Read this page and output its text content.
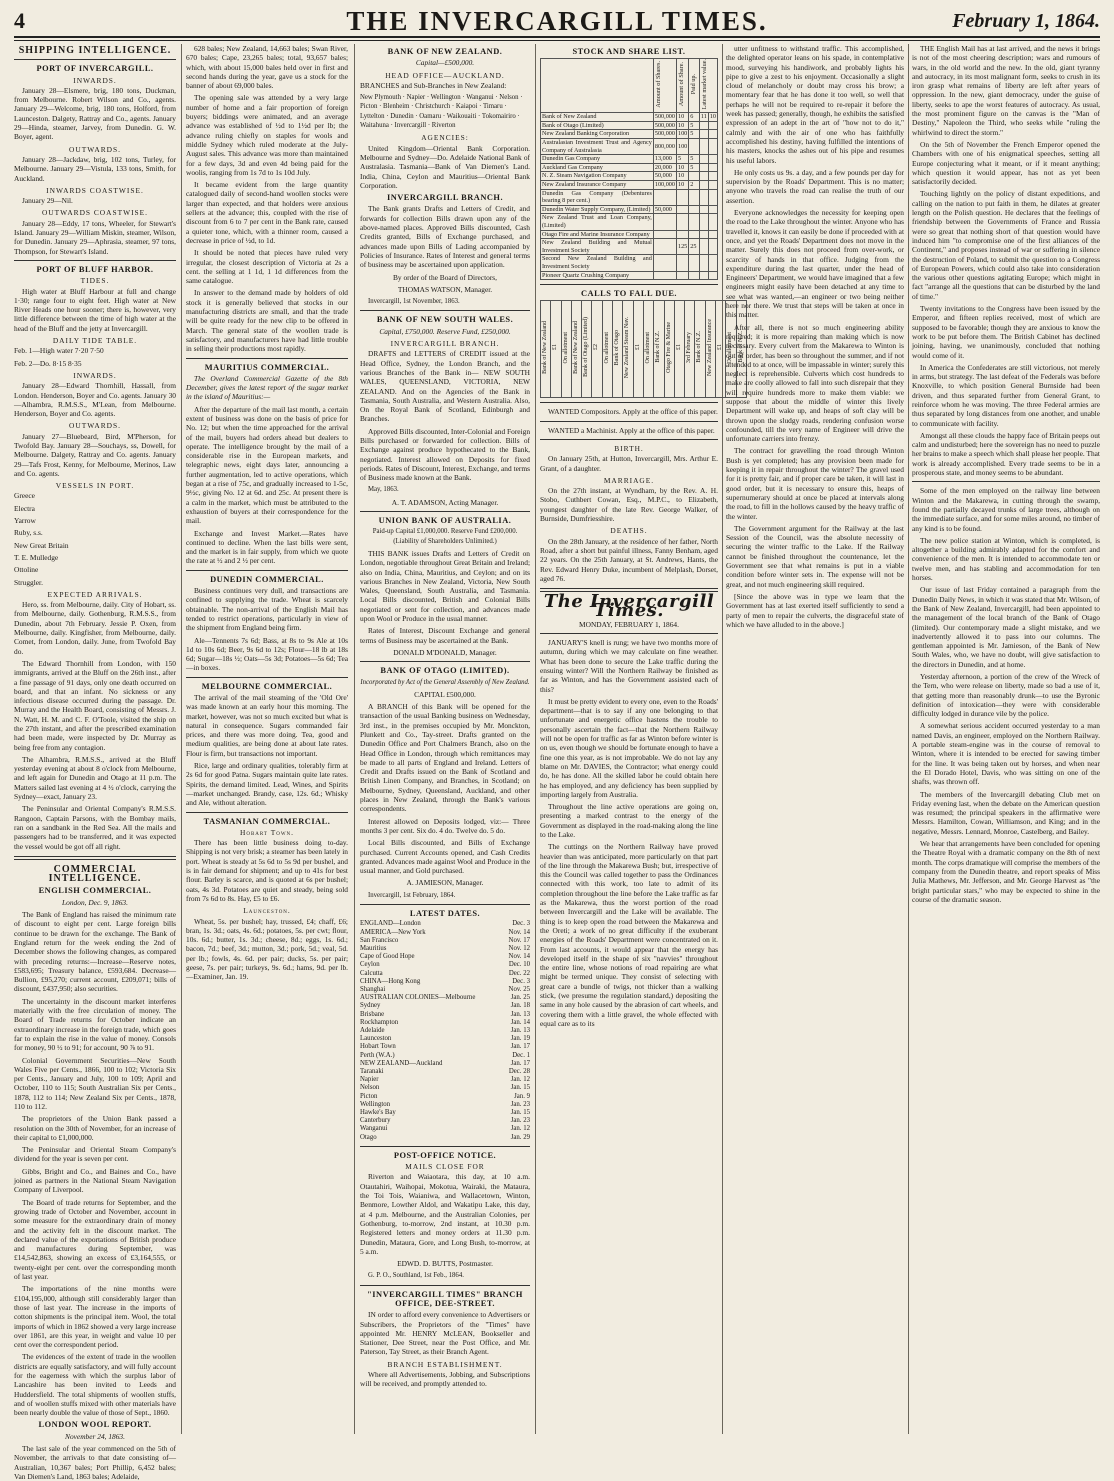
4	THE INVERCARGILL TIMES.	February 1, 1864.
SHIPPING INTELLIGENCE.
PORT OF INVERCARGILL.
INWARDS.

January 28—Elsmere, brig, 180 tons, Duckman, from Melbourne. Robert Wilson and Co., agents. January 29—Welcome, brig, 180 tons, Holford, from Launceston. Dalgety, Rattray and Co., agents. January 29—Hinda, steamer, Jarvey, from Dunedin. G. W. Boyer, agent.

OUTWARDS.

January 28—Jackdaw, brig, 102 tons, Turley, for Melbourne. January 29—Vistula, 133 tons, Smith, for Auckland.

INWARDS COASTWISE.

January 29—Nil.

OUTWARDS COASTWISE.

January 28—Eddy, 17 tons, Wheeler, for Stewart's Island. January 29—William Miskin, steamer, Wilson, for Dunedin. January 29—Aphrasia, steamer, 97 tons, Thompson, for Stewart's Island.

PORT OF BLUFF HARBOR.
TIDES.

High water at Bluff Harbour at full and change 1·30; range four to eight feet. High water at New River Heads one hour sooner; there is, however, very little difference between the time of high water at the head of the Bluff and the jetty at Invercargill.

DAILY TIDE TABLE.

Feb. 1—High water 7·20 7·50

Feb. 2—Do. 8·15 8·35

INWARDS.

January 28—Edward Thornhill, Hassall, from London. Henderson, Boyer and Co. agents. January 30—Alhambra, R.M.S.S., M'Lean, from Melbourne. Henderson, Boyer and Co. agents.

OUTWARDS.

January 27—Bluebeard, Bird, M'Pherson, for Twofold Bay. January 28—Souchays, ss, Dowell, for Melbourne. Dalgety, Rattray and Co. agents. January 29—Tafs Frost, Kenny, for Melbourne, Merinos, Law and Co. agents.

VESSELS IN PORT.

Greece

Electra

Yarrow

Ruby, s.s.

New Great Britain

T. E. Mulledge

Ottoline

Struggler.

EXPECTED ARRIVALS.

Hero, ss. from Melbourne, daily. City of Hobart, ss. from Melbourne, daily. Gothenburg, R.M.S.S., from Dunedin, about 7th February. Jessie P. Oxen, from Melbourne, daily. Kingfisher, from Melbourne, daily. Comet, from London, daily. June, from Twofold Bay do.

The Edward Thornhill from London, with 150 immigrants, arrived at the Bluff on the 26th inst., after a fine passage of 91 days, only one death occurred on board, and that an infant. No sickness or any infectious disease occurred during the passage. Dr. Murray and the Health Board, consisting of Messrs. J. N. Watt, H. M. and C. F. O'Toole, visited the ship on the 27th instant, and after the prescribed examination had been made, were inspected by Dr. Murray as being free from any contagion.

The Alhambra, R.M.S.S., arrived at the Bluff yesterday evening at about 8 o'clock from Melbourne, and left again for Dunedin and Otago at 11 p.m. The Matters sailed last evening at 4 ½ o'clock, carrying the Sydney—exact, January 23.

The Peninsular and Oriental Company's R.M.S.S. Rangoon, Captain Parsons, with the Bombay mails, ran on a sandbank in the Red Sea. All the mails and passengers had to be transferred, and it was expected the vessel would be got off all right.

COMMERCIAL INTELLIGENCE.
ENGLISH COMMERCIAL.

London, Dec. 9, 1863.

The Bank of England has raised the minimum rate of discount to eight per cent. Large foreign bills continue to be drawn for the exchange. The Bank of England return for the week ending the 2nd of December shows the following changes, as compared with preceding returns:—Increase—Reserve notes, £583,695; Treasury balance, £593,684. Decrease—Bullion, £95,270; current account, £209,071; bills of discount, £437,950; also securities.

The uncertainty in the discount market interferes materially with the free circulation of money. The Board of Trade returns for October indicate an extraordinary increase in the foreign trade, which goes far to explain the rise in the value of money. Consols for money, 90 ½ to 91; for account, 90 ⅞ to 91.

Colonial Government Securities—New South Wales Five per Cents., 1866, 100 to 102; Victoria Six per Cents., January and July, 100 to 109; April and October, 110 to 115; South Australian Six per Cents., 1878, 112 to 114; New Zealand Six per Cents., 1878, 110 to 112.

The proprietors of the Union Bank passed a resolution on the 30th of November, for an increase of their capital to £1,000,000.

The Peninsular and Oriental Steam Company's dividend for the year is seven per cent.

Gibbs, Bright and Co., and Baines and Co., have joined as partners in the National Steam Navigation Company of Liverpool.

The Board of trade returns for September, and the growing trade of October and November, account in some measure for the extraordinary drain of money and the activity felt in the discount market. The declared value of the exportations of British produce and manufactures during September, was £14,542,863, showing an excess of £3,164,555, or twenty-eight per cent. over the corresponding month of last year.

The importations of the nine months were £104,195,000, although still considerably larger than those of last year. The increase in the imports of cotton shipments is the principal item. Wool, the total imports of which in 1862 showed a very large increase over 1861, are this year, in weight and value 10 per cent over the correspondent period.

The evidences of the extent of trade in the woollen districts are equally satisfactory, and will fully account for the eagerness with which the surplus labor of Lancashire has been invited to Leeds and Huddersfield. The total shipments of woollen stuffs, and of woollen stuffs mixed with other materials have been nearly double the value of those of Sept., 1860.

LONDON WOOL REPORT.

November 24, 1863.

The last sale of the year commenced on the 5th of November, the arrivals to that date consisting of—Australian, 10,367 bales; Port Phillip, 6,452 bales; Van Diemen's Land, 1863 bales; Adelaide,

628 bales; New Zealand, 14,663 bales; Swan River, 670 bales; Cape, 23,265 bales; total, 93,657 bales; which, with about 15,000 bales held over in first and second hands during the year, gave us a stock for the banner of about 69,000 bales.

The opening sale was attended by a very large number of home and a fair proportion of foreign buyers; biddings were animated, and an average advance was established of ½d to 1½d per lb; the advance ruling chiefly on staples for wools and middle Sydney which ruled moderate at the July-August sales. This advance was more than maintained for a few days, 3d and even 4d being paid for the woolis, ranging from 1s 7d to 1s 10d July.

It became evident from the large quantity catalogued daily of second-hand woollen stocks were larger than expected, and that holders were anxious sellers at the advance; this, coupled with the rise of discount from 6 to 7 per cent in the Bank rate, caused a quieter tone, which, with a thinner room, caused a decrease in price of ½d, to 1d.

It should be noted that pieces have ruled very irregular, the closest description of Victoria at 2s a cent. the selling at 1 1d, 1 1d differences from the same catalogue.

In answer to the demand made by holders of old stock it is generally believed that stocks in our manufacturing districts are small, and that the trade will be quite ready for the new clip to be offered in March. The general state of the woollen trade is satisfactory, and manufacturers have had little trouble in selling their productions most rapidly.

MAURITIUS COMMERCIAL.

The Overland Commercial Gazette of the 8th December, gives the latest report of the sugar market in the island of Mauritius:—

After the departure of the mail last month, a certain extent of business was done on the basis of price for No. 12; but when the time approached for the arrival of the mail, buyers had orders ahead but dealers to operate. The intelligence brought by the mail of a considerable rise in the European markets, and telegraphic news, eight days later, announcing a further augmentation, led to active operations, which began at a rise of 75c, and gradually increased to 1-5c, 9½c, giving No. 12 at 6d. and 25c. At present there is a calm in the market, which must be attributed to the exhaustion of buyers at their correspondence for the mail.

Exchange and Invest Market.—Rates have continued to decline. When the last bills were sent, and the market is in fair supply, from which we quote the rate at ½ and 2 ½ per cent.

DUNEDIN COMMERCIAL.

Business continues very dull, and transactions are confined to supplying the trade. Wheat is scarcely obtainable. The non-arrival of the English Mail has tended to restrict operations, particularly in view of the shipment from England being firm.

Ale—Tennents 7s 6d; Bass, at 8s to 9s Ale at 10s 1d to 10s 6d; Beer, 9s 6d to 12s; Flour—18 lb at 18s 6d; Sugar—18s ½; Oats—5s 3d; Potatoes—5s 6d; Tea—in boxes.

MELBOURNE COMMERCIAL.

The arrival of the mail steaming of the 'Old Ore' was made known at an early hour this morning. The market, however, was not so much excited but what is natural in consequence. Sugars commanded fair prices, and there was more doing. Tea, good and medium qualities, are being done at about late rates. Flour is firm, but transactions not important.

Rice, large and ordinary qualities, tolerably firm at 2s 6d for good Patna. Sugars maintain quite late rates. Spirits, the demand limited. Lead, Wines, and Spirits—market unchanged. Brandy, case, 12s. 6d.; Whisky and Ale, without alteration.

TASMANIAN COMMERCIAL.
Hobart Town.

There has been little business doing to-day. Shipping is not very brisk; a steamer has been lately in port. Wheat is steady at 5s 6d to 5s 9d per bushel, and is in fair demand for shipment; and up to 41s for best flour. Barley is scarce, and is quoted at 6s per bushel; oats, 4s 3d. Potatoes are quiet and steady, being sold from 7s 6d to 8s. Hay, £5 to £6.

Launceston.

Wheat, 5s. per bushel; hay, trussed, £4; chaff, £6; bran, 1s. 3d.; oats, 4s. 6d.; potatoes, 5s. per cwt; flour, 10s. 6d.; butter, 1s. 3d.; cheese, 8d.; eggs, 1s. 6d.; bacon, 7d.; beef, 3d.; mutton, 3d.; pork, 5d.; veal, 5d. per lb.; fowls, 4s. 6d. per pair; ducks, 5s. per pair; geese, 7s. per pair; turkeys, 9s. 6d.; hams, 9d. per lb.—Examiner, Jan. 19.

BANK OF NEW ZEALAND.

Capital—£500,000.

HEAD OFFICE—AUCKLAND.

BRANCHES and Sub-Branches in New Zealand:

New Plymouth · Napier · Wellington · Wanganui · Nelson · Picton · Blenheim · Christchurch · Kaiapoi · Timaru · Lyttelton · Dunedin · Oamaru · Waikouaiti · Tokomairiro · Waitahuna · Invercargill · Riverton

AGENCIES:

United Kingdom—Oriental Bank Corporation. Melbourne and Sydney—Do. Adelaide National Bank of Australasia. Tasmania—Bank of Van Diemen's Land. India, China, Ceylon and Mauritius—Oriental Bank Corporation.

INVERCARGILL BRANCH.

The Bank grants Drafts and Letters of Credit, and forwards for collection Bills drawn upon any of the above-named places. Approved Bills discounted, Cash Credits granted, Bills of Exchange purchased, and advances made upon Bills of Lading accompanied by Policies of Insurance. Rates of Interest and general terms of business may be ascertained upon application.

By order of the Board of Directors,

THOMAS WATSON, Manager.

Invercargill, 1st November, 1863.

BANK OF NEW SOUTH WALES.

Capital, £750,000. Reserve Fund, £250,000.

INVERCARGILL BRANCH.

DRAFTS and LETTERS of CREDIT issued at the Head Office, Sydney, the London Branch, and the various Branches of the Bank in— NEW SOUTH WALES, QUEENSLAND, VICTORIA, NEW ZEALAND. And on the Agencies of the Bank in Tasmania, South Australia, and Western Australia. Also, On the Royal Bank of Scotland, Edinburgh and Branches.

Approved Bills discounted, Inter-Colonial and Foreign Bills purchased or forwarded for collection. Bills of Exchange against produce hypothecated to the Bank, negotiated. Interest allowed on Deposits for fixed periods. Rates of Discount, Interest, Exchange, and terms of Business made known at the Bank.

May, 1863.

A. T. ADAMSON, Acting Manager.

UNION BANK OF AUSTRALIA.

Paid-up Capital £1,000,000. Reserve Fund £200,000. (Liability of Shareholders Unlimited.)

THIS BANK issues Drafts and Letters of Credit on London, negotiable throughout Great Britain and Ireland; also on India, China, Mauritius, and Ceylon; and on its various Branches in New Zealand, Victoria, New South Wales, Queensland, South Australia, and Tasmania. Local Bills discounted, British and Colonial Bills negotiated or sent for collection, and advances made upon Wool or Produce in the usual manner.

Rates of Interest, Discount Exchange and general terms of Business may be ascertained at the Bank.

DONALD M'DONALD, Manager.

BANK OF OTAGO (LIMITED).

Incorporated by Act of the General Assembly of New Zealand.

CAPITAL £500,000.

A BRANCH of this Bank will be opened for the transaction of the usual Banking business on Wednesday, 3rd inst., in the premises occupied by Mr. Monckton, Plunkett and Co., Tay-street. Drafts granted on the Dunedin Office and Port Chalmers Branch, also on the Head Office in London, through which remittances may be made to all parts of England and Ireland. Letters of Credit and Drafts issued on the Bank of Scotland and British Linen Company, and Branches, in Scotland; on Melbourne, Sydney, Queensland, Auckland, and other places in New Zealand, through the Bank's various correspondents.

Interest allowed on Deposits lodged, viz:— Three months 3 per cent. Six do. 4 do. Twelve do. 5 do.

Local Bills discounted, and Bills of Exchange purchased. Current Accounts opened, and Cash Credits granted. Advances made against Wool and Produce in the usual manner, and Gold purchased.

A. JAMIESON, Manager.

Invercargill, 1st February, 1864.

LATEST DATES.
ENGLAND—London	Dec. 3
AMERICA—New York	Nov. 14
San Francisco	Nov. 17
Mauritius	Nov. 12
Cape of Good Hope	Nov. 14
Ceylon	Dec. 10
Calcutta	Dec. 22
CHINA—Hong Kong	Dec. 3
Shanghai	Nov. 25
AUSTRALIAN COLONIES—Melbourne	Jan. 25
Sydney	Jan. 18
Brisbane	Jan. 13
Rockhampton	Jan. 14
Adelaide	Jan. 13
Launceston	Jan. 19
Hobart Town	Jan. 17
Perth (W.A.)	Dec. 1
NEW ZEALAND—Auckland	Jan. 17
Taranaki	Dec. 28
Napier	Jan. 12
Nelson	Jan. 15
Picton	Jan. 9
Wellington	Jan. 23
Hawke's Bay	Jan. 15
Canterbury	Jan. 23
Wanganui	Jan. 12
Otago	Jan. 29
POST-OFFICE NOTICE.
MAILS CLOSE FOR

Riverton and Waiaotara, this day, at 10 a.m. Otautahiri, Waihopai, Mokotua, Wairaki, the Mataura, the Toi Tois, Waianiwa, and Wallacetown, Winton, Benmore, Lowther Aldol, and Wakatipu Lake, this day, at 4 p.m. Melbourne, and the Australian Colonies, per Gothenburg, to-morrow, 2nd instant, at 10.30 p.m. Registered letters and money orders at 11.30 p.m. Dunedin, Mataura, Gore, and Long Bush, to-morrow, at 5 a.m.

EDWD. D. BUTTS, Postmaster.

G. P. O., Southland, 1st Feb., 1864.

"INVERCARGILL TIMES" BRANCH OFFICE, DEE-STREET.

IN order to afford every convenience to Advertisers or Subscribers, the Proprietors of the "Times" have appointed Mr. HENRY McLEAN, Bookseller and Stationer, Dee Street, near the Post Office, and Mr. Paterson, Tay Street, as their Branch Agent.

BRANCH ESTABLISHMENT.

Where all Advertisements, Jobbing, and Subscriptions will be received, and promptly attended to.

STOCK AND SHARE LIST.
	Amount of Shares.	Amount of Share.	Paid up.	Latest market value.	
Bank of New Zealand	500,000	10	6	11	10
Bank of Otago (Limited)	500,000	10	5		
New Zealand Banking Corporation	500,000	100	5		
Australasian Investment Trust and Agency Company of Australasia	800,000	100			
Dunedin Gas Company	13,000	5	5		
Auckland Gas Company	20,000	10	5		
N. Z. Steam Navigation Company	50,000	10			
New Zealand Insurance Company	100,000	10	2		
Dunedin Gas Company (Debentures bearing 8 per cent.)					
Dunedin Water Supply Company, (Limited)	50,000				
New Zealand Trust and Loan Company, (Limited)					
Otago Fire and Marine Insurance Company					
New Zealand Building and Mutual Investment Society		125	25		
Second New Zealand Building and Investment Society					
Pioneer Quartz Crushing Company					
CALLS TO FALL DUE.
Bank of New Zealand	£1	On allotment	Bank of New Zealand	Bank of Otago (Limited)	£2	On allotment	Bank of Otago	New Zealand Steam Nav.	£1	On allotment	Bank of N.Z.	Otago Fire & Marine	£1	3rd February	Bank of N.Z.	New Zealand Insurance	£1	On allotment	Bank of N.Z.

WANTED Compositors. Apply at the office of this paper.

WANTED a Machinist. Apply at the office of this paper.

BIRTH.

On January 25th, at Hutton, Invercargill, Mrs. Arthur E. Grant, of a daughter.

MARRIAGE.

On the 27th instant, at Wyndham, by the Rev. A. H. Stobo, Cuthbert Cowan, Esq., M.P.C., to Elizabeth, youngest daughter of the late Rev. George Walker, of Burnside, Dumfriesshire.

DEATHS.

On the 28th January, at the residence of her father, North Road, after a short but painful illness, Fanny Benham, aged 22 years. On the 25th January, at St. Andrews, Hants, the Rev. Edward Henry Duke, incumbent of Melplash, Dorset, aged 76.

The Invercargill Times.

MONDAY, FEBRUARY 1, 1864.

JANUARY'S knell is rung; we have two months more of autumn, during which we may calculate on fine weather. What has been done to secure the Lake traffic during the ensuing winter? Will the Northern Railway be finished as far as Winton, and has the Government assisted each of this?

It must be pretty evident to every one, even to the Roads' department—that is to say if any one belonging to that unfortunate and energetic office hastens the trouble to personally ascertain the fact—that the Northern Railway will not be open for traffic as far as Winton before winter is on us, even though we should be fortunate enough to have a fine one this year, as is not improbable. We do not lay any blame on Mr. DAVIES, the Contractor; what energy could do, he has done. All the skilled labor he could obtain here he has employed, and any deficiency has been supplied by importing largely from Australia.

Throughout the line active operations are going on, presenting a marked contrast to the energy of the Government as displayed in the road-making along the line to the Lake.

The cuttings on the Northern Railway have proved heavier than was anticipated, more particularly on that part of the line through the Makarewa Bush; but, irrespective of this the Council was called together to pass the Ordinances connected with this work, too late to admit of its completion throughout the line before the Lake traffic as far as the Makarewa, thus the worst portion of the road between Invercargill and the Lake will be available. The thing is to keep open the road between the Makarewa and the Oreti; a work of no great difficulty if the exuberant energies of the Roads' Department were concentrated on it. From last accounts, it would appear that the energy has developed itself in the shape of six "navvies" throughout the entire line, whose notions of road repairing are what might be termed unique. They consist of selecting with great care a bundle of twigs, not thicker than a walking stick, (we presume the regulation standard,) depositing the same in any hole caused by the abrasion of cart wheels, and covering them with a little gravel, the whole effected with equal care as to its

utter unfitness to withstand traffic. This accomplished, the delighted operator leans on his spade, in contemplative mood, surveying his handiwork, and probably lights his pipe to give a zest to his enjoyment. Occasionally a slight cloud of melancholy or doubt may cross his brow; a momentary fear that he has done it too well, so well that perhaps he will not be required to re-repair it before the week has passed; generally, though, he exhibits the satisfied expression of an adept in the art of "how not to do it," calmly and with the air of one who has faithfully accomplished his destiny, having fulfilled the intentions of his masters, knocks the ashes out of his pipe and resumes his useful labors.

He only costs us 9s. a day, and a few pounds per day for supervision by the Roads' Department. This is no matter; anyone who travels the road can realise the truth of our assertion.

Everyone acknowledges the necessity for keeping open the road to the Lake throughout the winter. Anyone who has travelled it, knows it can easily be done if proceeded with at once, and yet the Roads' Department does not move in the matter. Surely this does not proceed from over-work, or scarcity of hands in that office. Judging from the expenditure during the last quarter, under the head of Engineers' Department, we would have imagined that a few engineers might easily have been detached at any time to see what was wanted,—an engineer or two being neither here nor there. We trust that steps will be taken at once in this matter.

After all, there is not so much engineering ability required; it is more repairing than making which is now necessary. Every culvert from the Makarewa to Winton is out of order, has been so throughout the summer, and if not attended to at once, will be impassable in winter; surely this neglect is reprehensible. Culverts which cost hundreds to make are coolly allowed to fall into such disrepair that they will require hundreds more to make them viable: we suppose that about the middle of winter this lively Department will wake up, and heaps of soft clay will be thrown upon the sludgy roads, rendering confusion worse confounded, till the very name of Engineer will drive the unfortunate carriers into frenzy.

The contract for gravelling the road through Winton Bush is yet completed; has any provision been made for keeping it in repair throughout the winter? The gravel used for it is pretty fair, and if proper care be taken, it will last in good order, but it is necessary to ensure this, heaps of supernumerary should at once be placed at intervals along the road, to fill in the hollows caused by the heavy traffic of the winter.

The Government argument for the Railway at the last Session of the Council, was the absolute necessity of securing the winter traffic to the Lake. If the Railway cannot be finished throughout the countenance, let the Government see that what remains is put in a viable condition before winter sets in. The expense will not be great, and not much engineering skill required.

[Since the above was in type we learn that the Government has at last exerted itself sufficiently to send a party of men to repair the culverts, the disgraceful state of which we have alluded to in the above.]

THE English Mail has at last arrived, and the news it brings is not of the most cheering description; wars and rumours of wars, in the old world and the new. In the old, giant tyranny and autocracy, in its most malignant form, seeks to crush in its iron grasp what remains of liberty are left after years of oppression. In the new, giant democracy, under the guise of liberty, seeks to ape the worst features of autocracy. As usual, the most prominent figure on the canvas is the "Man of Destiny," Napoleon the Third, who seeks while "ruling the whirlwind to direct the storm."

On the 5th of November the French Emperor opened the Chambers with one of his enigmatical speeches, setting all Europe conjecturing what it meant, or if it meant anything; which question it would appear, has not as yet been satisfactorily decided.

Touching lightly on the policy of distant expeditions, and calling on the nation to put faith in them, he dilates at greater length on the Polish question. He declares that the feelings of friendship between the Governments of France and Russia were so great that nothing short of that question would have induced him "to compromise one of the first alliances of the Continent," and proposes instead of war or suffering in silence the destruction of Poland, to submit the question to a Congress of European Powers, which could also take into consideration the various other questions agitating Europe; which might in fact "arrange all the questions that can be disturbed by the land of time."

Twenty invitations to the Congress have been issued by the Emperor, and fifteen replies received, most of which are supposed to be favorable; though they are anxious to know the work to be put before them. The British Cabinet has declined joining, having, we unanimously, concluded that nothing would come of it.

In America the Confederates are still victorious, not merely in arms, but strategy. The last defeat of the Federals was before Knoxville, to which position General Burnside had been driven, and thus separated further from General Grant, to reinforce whom he was moving. The three Federal armies are thus separated by long distances from one another, and unable to communicate with facility.

Amongst all these clouds the happy face of Britain peeps out calm and undisturbed; here the sovereign has no need to puzzle her brains to make a speech which shall please her people. That work is already accomplished. Every trade seems to be in a prosperous state, and money seems to be abundant.

Some of the men employed on the railway line between Winton and the Makarewa, in cutting through the swamp, found the partially decayed trunks of large trees, although on the immediate surface, and for some miles around, no timber of any kind is to be found.

The new police station at Winton, which is completed, is altogether a building admirably adapted for the comfort and convenience of the men. It is intended to accommodate ten or twelve men, and has stabling and accommodation for ten horses.

Our issue of last Friday contained a paragraph from the Dunedin Daily News, in which it was stated that Mr. Wilson, of the Bank of New Zealand, Invercargill, had been appointed to the management of the local branch of the Bank of Otago (limited). Our contemporary made a slight mistake, and we inadvertently allowed it to pass into our columns. The gentleman appointed is Mr. Jamieson, of the Bank of New South Wales, who, we have no doubt, will give satisfaction to the directors in Dunedin, and at home.

Yesterday afternoon, a portion of the crew of the Wreck of the Tern, who were release on liberty, made so bad a use of it, that getting more than reasonably drunk—to use the Byronic definition of intoxication—they were with considerable difficulty lodged in durance vile by the police.

A somewhat serious accident occurred yesterday to a man named Davis, an engineer, employed on the Northern Railway. A portable steam-engine was in the course of removal to Winton, where it is intended to be erected for sawing timber for the line. It was being taken out by horses, and when near the El Dorado Hotel, Davis, who was sitting on one of the shafts, was thrown off.

The members of the Invercargill debating Club met on Friday evening last, when the debate on the American question was resumed; the principal speakers in the affirmative were Messrs. Hamilton, Cowan, Williamson, and King; and in the negative, Messrs. Lennard, Monroe, Castelberg, and Bailey.

We hear that arrangements have been concluded for opening the Theatre Royal with a dramatic company on the 8th of next month. The corps dramatique will comprise the members of the company from the Dunedin theatre, and report speaks of Miss Julia Mathews, Mr. Jefferson, and Mr. George Harvest as "the bright particular stars," who may be expected to shine in the course of the dramatic season.
